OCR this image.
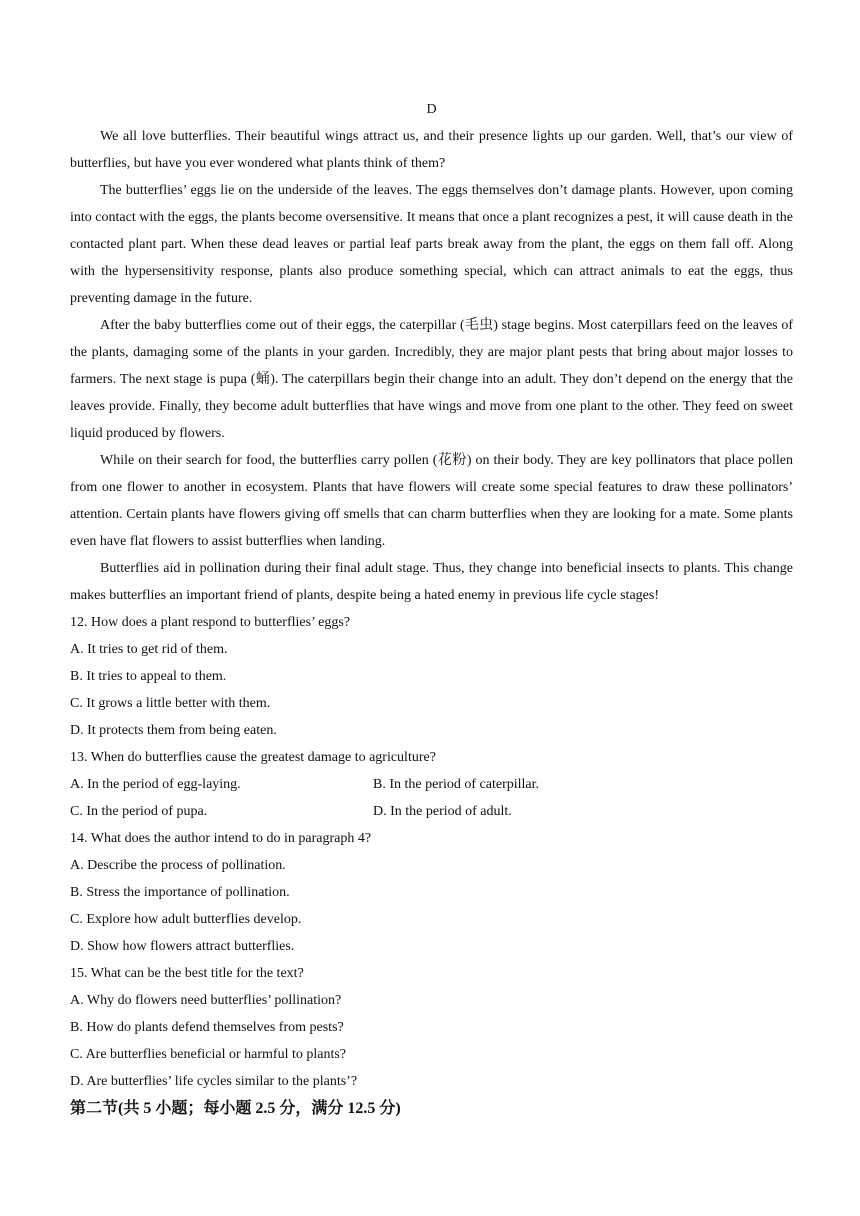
D

We all love butterflies. Their beautiful wings attract us, and their presence lights up our garden. Well, that’s our view of butterflies, but have you ever wondered what plants think of them?

The butterflies’ eggs lie on the underside of the leaves. The eggs themselves don’t damage plants. However, upon coming into contact with the eggs, the plants become oversensitive. It means that once a plant recognizes a pest, it will cause death in the contacted plant part. When these dead leaves or partial leaf parts break away from the plant, the eggs on them fall off. Along with the hypersensitivity response, plants also produce something special, which can attract animals to eat the eggs, thus preventing damage in the future.

After the baby butterflies come out of their eggs, the caterpillar (毛虫) stage begins. Most caterpillars feed on the leaves of the plants, damaging some of the plants in your garden. Incredibly, they are major plant pests that bring about major losses to farmers. The next stage is pupa (蛹). The caterpillars begin their change into an adult. They don’t depend on the energy that the leaves provide. Finally, they become adult butterflies that have wings and move from one plant to the other. They feed on sweet liquid produced by flowers.

While on their search for food, the butterflies carry pollen (花粉) on their body. They are key pollinators that place pollen from one flower to another in ecosystem. Plants that have flowers will create some special features to draw these pollinators’ attention. Certain plants have flowers giving off smells that can charm butterflies when they are looking for a mate. Some plants even have flat flowers to assist butterflies when landing.

Butterflies aid in pollination during their final adult stage. Thus, they change into beneficial insects to plants. This change makes butterflies an important friend of plants, despite being a hated enemy in previous life cycle stages!

12. How does a plant respond to butterflies’ eggs?
A. It tries to get rid of them.
B. It tries to appeal to them.
C. It grows a little better with them.
D. It protects them from being eaten.
13. When do butterflies cause the greatest damage to agriculture?
A. In the period of egg-laying.	B. In the period of caterpillar.
C. In the period of pupa.	D. In the period of adult.
14. What does the author intend to do in paragraph 4?
A. Describe the process of pollination.
B. Stress the importance of pollination.
C. Explore how adult butterflies develop.
D. Show how flowers attract butterflies.
15. What can be the best title for the text?
A. Why do flowers need butterflies’ pollination?
B. How do plants defend themselves from pests?
C. Are butterflies beneficial or harmful to plants?
D. Are butterflies’ life cycles similar to the plants’?
第二节(共 5 小题；每小题 2.5 分，满分 12.5 分)
